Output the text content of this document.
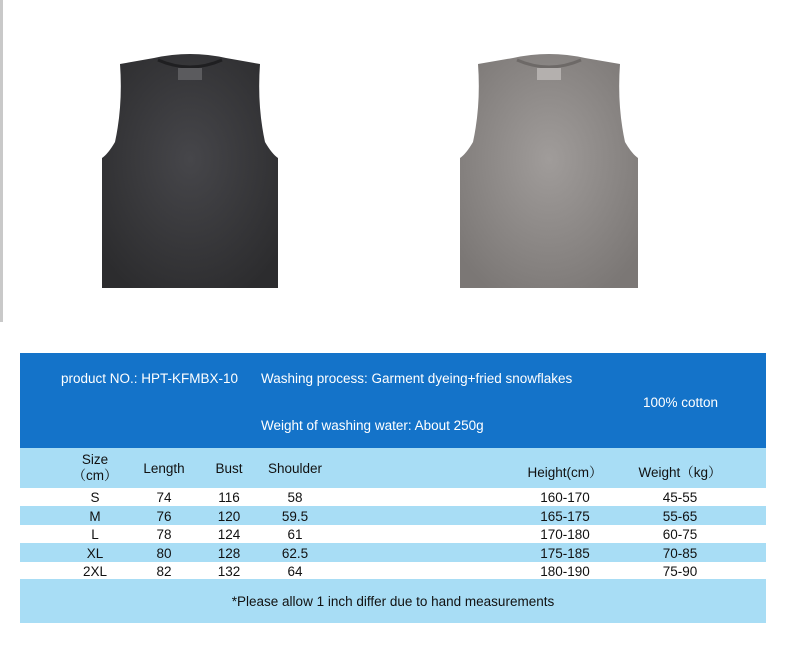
product NO.: HPT-KFMBX-10 Washing process: Garment dyeing+fried snowflakes
100% cotton
Weight of washing water: About 250g
Size
（cm）	Length	Bust	Shoulder	Height(cm）	Weight（kg）
S	74	116	58	160-170	45-55
M	76	120	59.5	165-175	55-65
L	78	124	61	170-180	60-75
XL	80	128	62.5	175-185	70-85
2XL	82	132	64	180-190	75-90
*Please allow 1 inch differ due to hand measurements
